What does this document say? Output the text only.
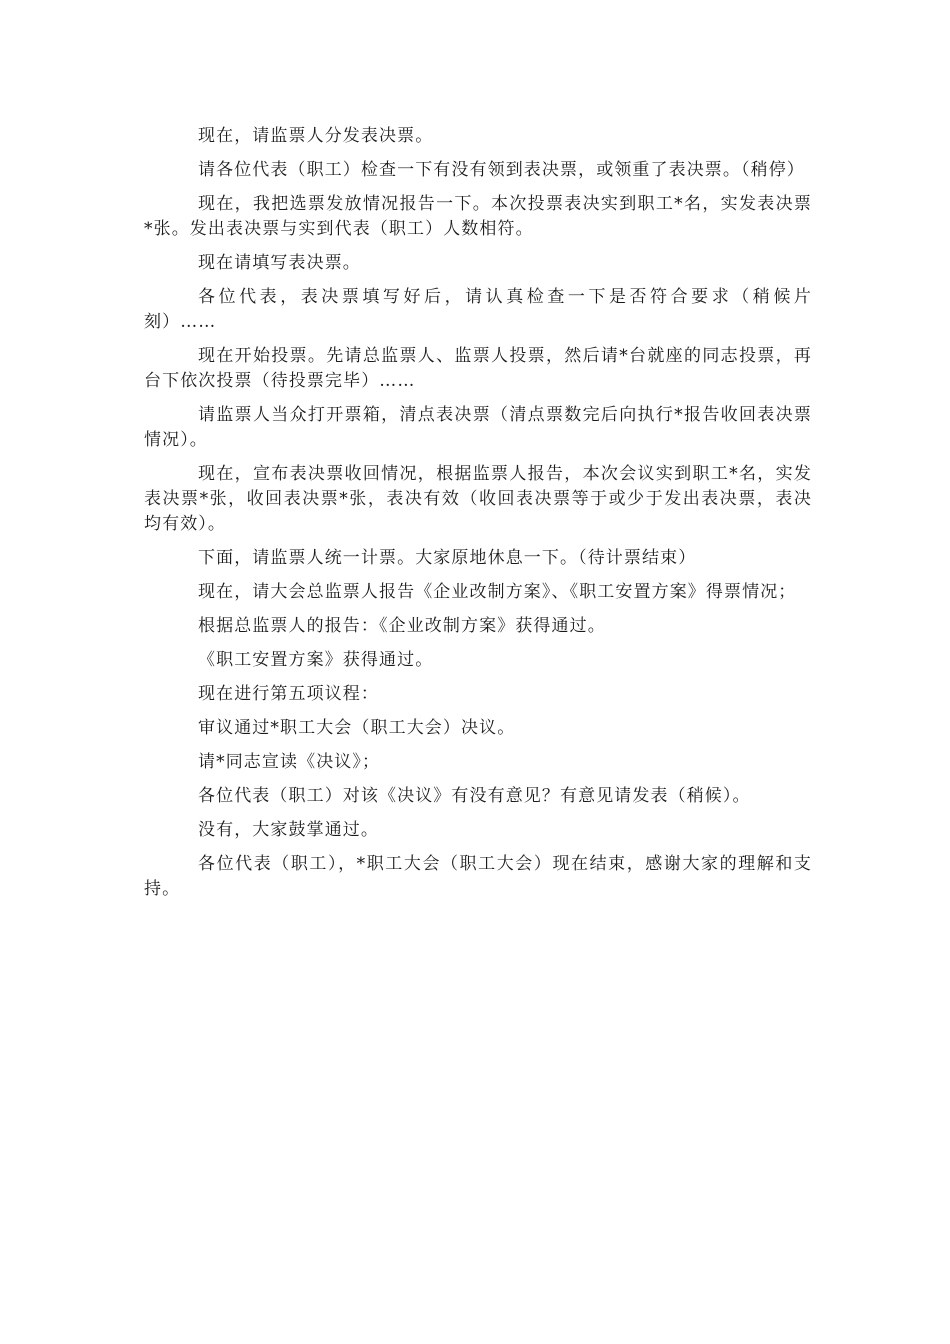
现在，请监票人分发表决票。

请各位代表（职工）检查一下有没有领到表决票，或领重了表决票。（稍停）

现在，我把选票发放情况报告一下。本次投票表决实到职工*名，实发表决票*张。发出表决票与实到代表（职工）人数相符。

现在请填写表决票。

各位代表，表决票填写好后，请认真检查一下是否符合要求（稍候片刻）……

现在开始投票。先请总监票人、监票人投票，然后请*台就座的同志投票，再台下依次投票（待投票完毕）……

请监票人当众打开票箱，清点表决票（清点票数完后向执行*报告收回表决票情况）。

现在，宣布表决票收回情况，根据监票人报告，本次会议实到职工*名，实发表决票*张，收回表决票*张，表决有效（收回表决票等于或少于发出表决票，表决均有效）。

下面，请监票人统一计票。大家原地休息一下。（待计票结束）

现在，请大会总监票人报告《企业改制方案》、《职工安置方案》得票情况；

根据总监票人的报告：《企业改制方案》获得通过。

《职工安置方案》获得通过。

现在进行第五项议程：

审议通过*职工大会（职工大会）决议。

请*同志宣读《决议》；

各位代表（职工）对该《决议》有没有意见？有意见请发表（稍候）。

没有，大家鼓掌通过。

各位代表（职工），*职工大会（职工大会）现在结束，感谢大家的理解和支持。
